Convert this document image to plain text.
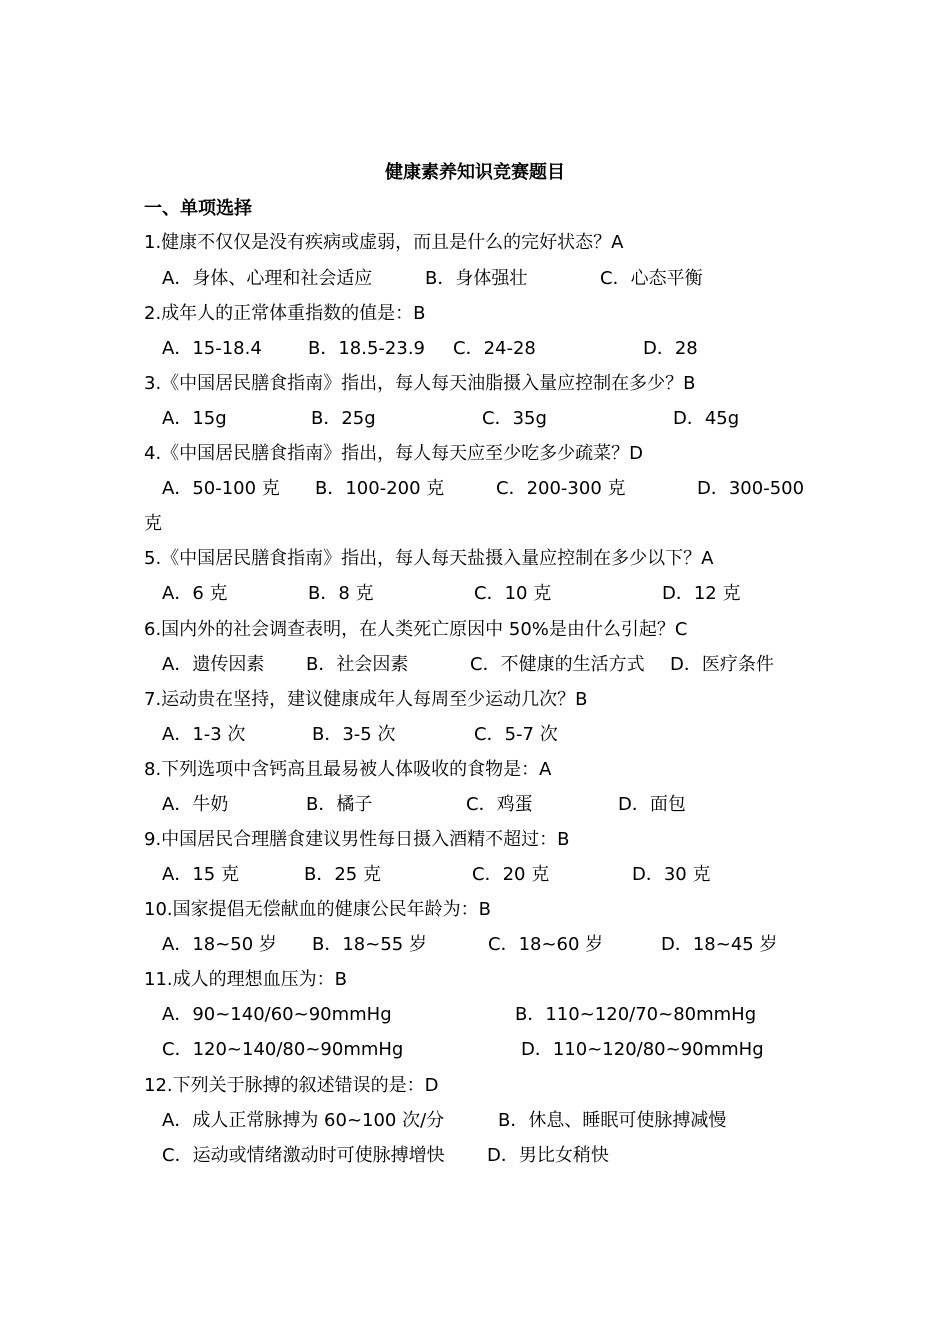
健康素养知识竞赛题目
一、单项选择
1.健康不仅仅是没有疾病或虚弱，而且是什么的完好状态？A
A．身体、心理和社会适应	B．身体强壮	C．心态平衡
2.成年人的正常体重指数的值是：B
A．15-18.4	B．18.5-23.9 C．24-28	D．28
3.《中国居民膳食指南》指出，每人每天油脂摄入量应控制在多少？B
A．15g	B．25g	C．35g	D．45g
4.《中国居民膳食指南》指出，每人每天应至少吃多少疏菜？D
A．50-100 克 B．100-200 克	C．200-300 克	D．300-500
克
5.《中国居民膳食指南》指出，每人每天盐摄入量应控制在多少以下？A
A．6 克	B．8 克	C．10 克	D．12 克
6.国内外的社会调查表明，在人类死亡原因中 50%是由什么引起？C
A．遗传因素 B．社会因素	C．不健康的生活方式 D．医疗条件
7.运动贵在坚持，建议健康成年人每周至少运动几次？B
A．1-3 次	B．3-5 次	C．5-7 次
8.下列选项中含钙高且最易被人体吸收的食物是：A
A．牛奶	B．橘子	C．鸡蛋	D．面包
9.中国居民合理膳食建议男性每日摄入酒精不超过：B
A．15 克	B．25 克	C．20 克	D．30 克
10.国家提倡无偿献血的健康公民年龄为：B
A．18~50 岁 B．18~55 岁	C．18~60 岁	D．18~45 岁
11.成人的理想血压为：B
A．90~140/60~90mmHg	B．110~120/70~80mmHg
C．120~140/80~90mmHg	D．110~120/80~90mmHg
12.下列关于脉搏的叙述错误的是：D
A．成人正常脉搏为 60~100 次/分	B．休息、睡眠可使脉搏减慢
C．运动或情绪激动时可使脉搏增快 D．男比女稍快
